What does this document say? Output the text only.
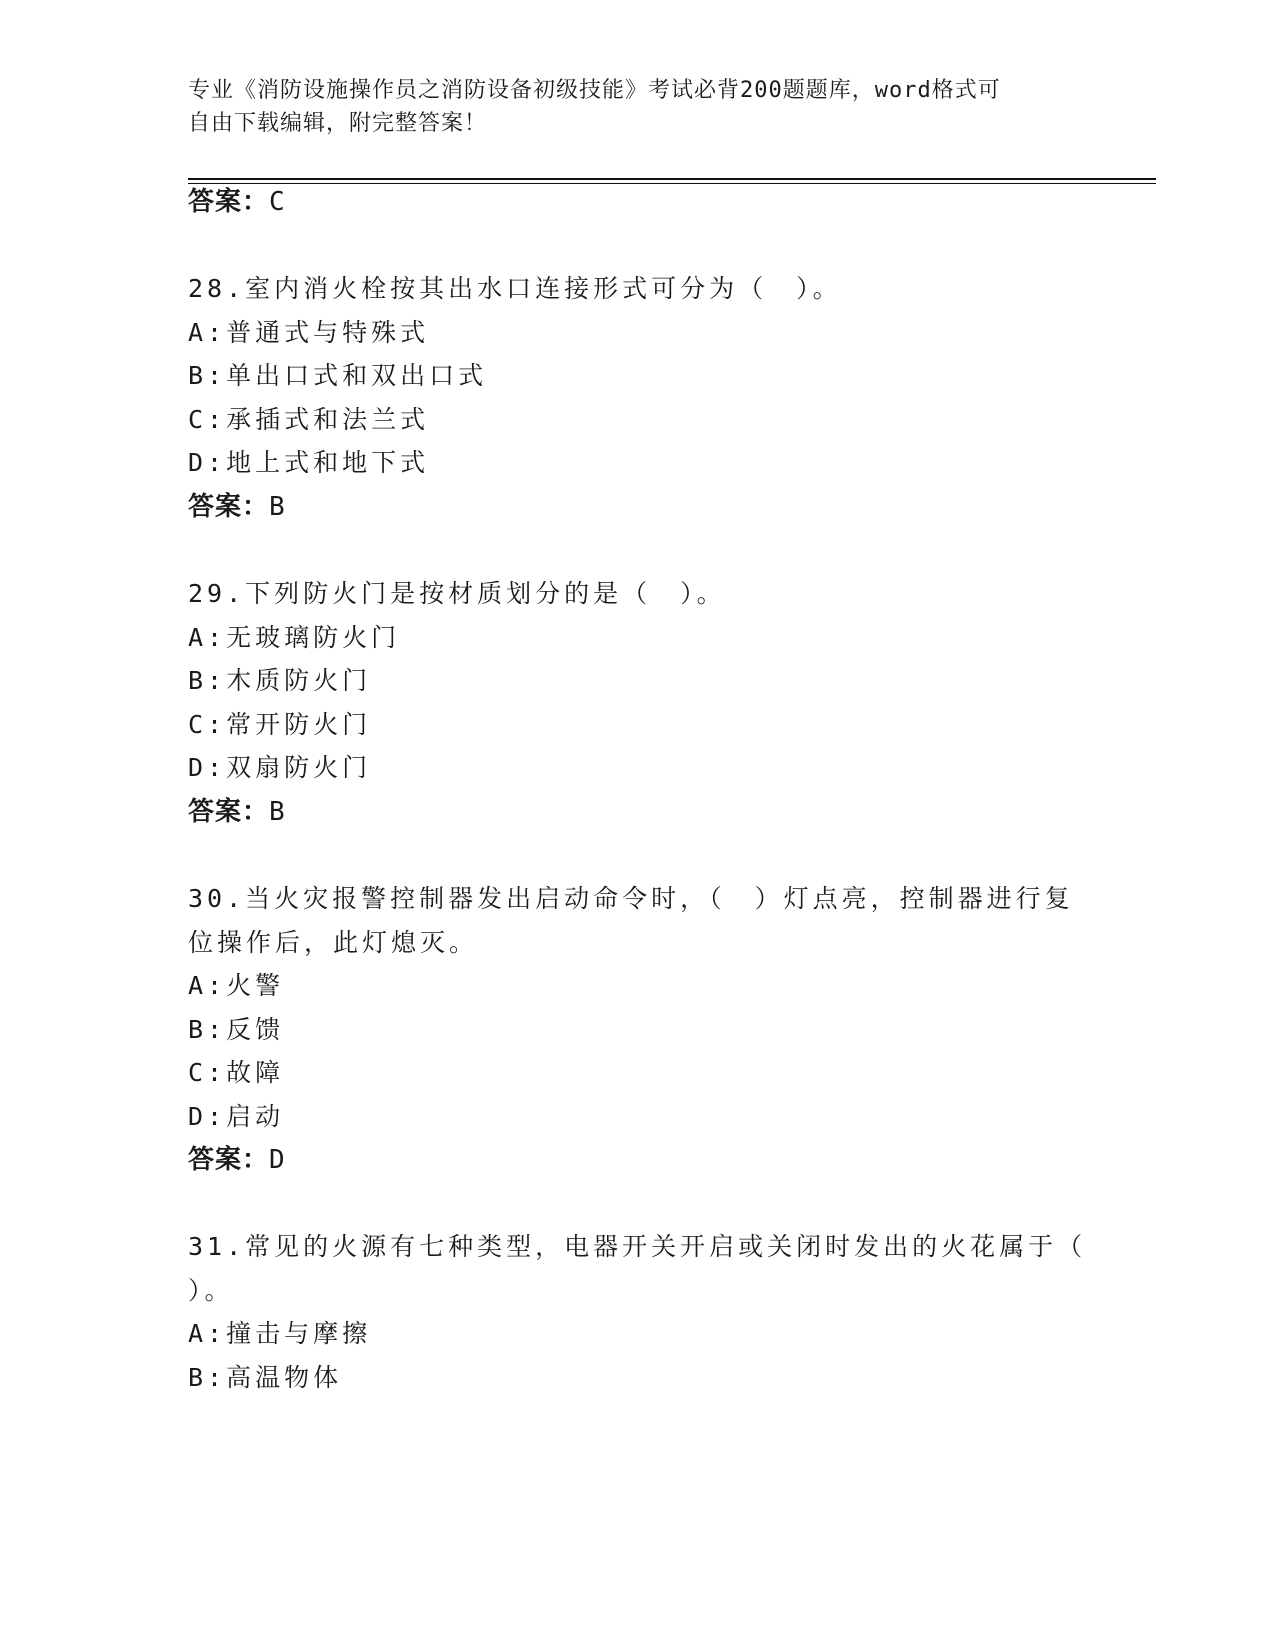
专业《消防设施操作员之消防设备初级技能》考试必背200题题库，word格式可
自由下载编辑，附完整答案！
答案：C
28.室内消火栓按其出水口连接形式可分为（　）。
A:普通式与特殊式
B:单出口式和双出口式
C:承插式和法兰式
D:地上式和地下式
答案：B
29.下列防火门是按材质划分的是（　）。
A:无玻璃防火门
B:木质防火门
C:常开防火门
D:双扇防火门
答案：B
30.当火灾报警控制器发出启动命令时，（　）灯点亮，控制器进行复
位操作后，此灯熄灭。
A:火警
B:反馈
C:故障
D:启动
答案：D
31.常见的火源有七种类型，电器开关开启或关闭时发出的火花属于（
）。
A:撞击与摩擦
B:高温物体
